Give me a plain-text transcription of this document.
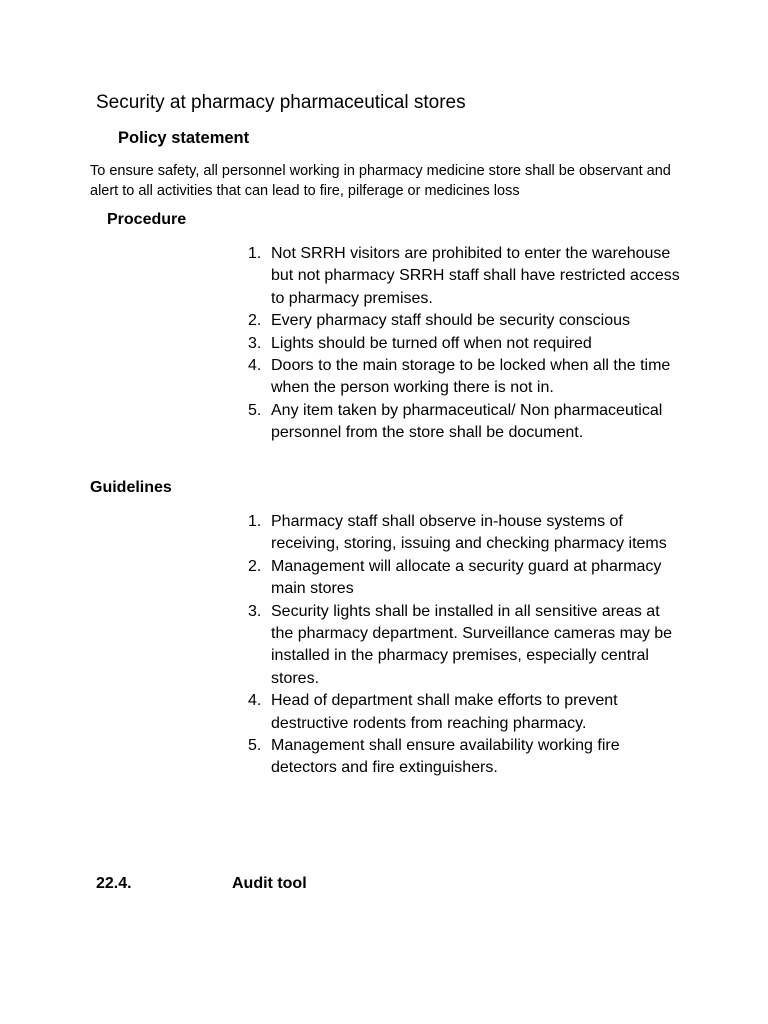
Security at pharmacy pharmaceutical stores
Policy statement
To ensure safety, all personnel working in pharmacy medicine store shall be observant and alert to all activities that can lead to fire, pilferage or medicines loss
Procedure
1. Not SRRH visitors are prohibited to enter the warehouse but not pharmacy SRRH staff shall have restricted access to pharmacy premises.
2. Every pharmacy staff should be security conscious
3. Lights should be turned off when not required
4. Doors to the main storage to be locked when all the time when the person working there is not in.
5. Any item taken by pharmaceutical/ Non pharmaceutical personnel from the store shall be document.
Guidelines
1. Pharmacy staff shall observe in-house systems of receiving, storing, issuing and checking pharmacy items
2. Management will allocate a security guard at pharmacy main stores
3. Security lights shall be installed in all sensitive areas at the pharmacy department. Surveillance cameras may be installed in the pharmacy premises, especially central stores.
4. Head of department shall make efforts to prevent destructive rodents from reaching pharmacy.
5. Management shall ensure availability working fire detectors and fire extinguishers.
22.4.	Audit tool
